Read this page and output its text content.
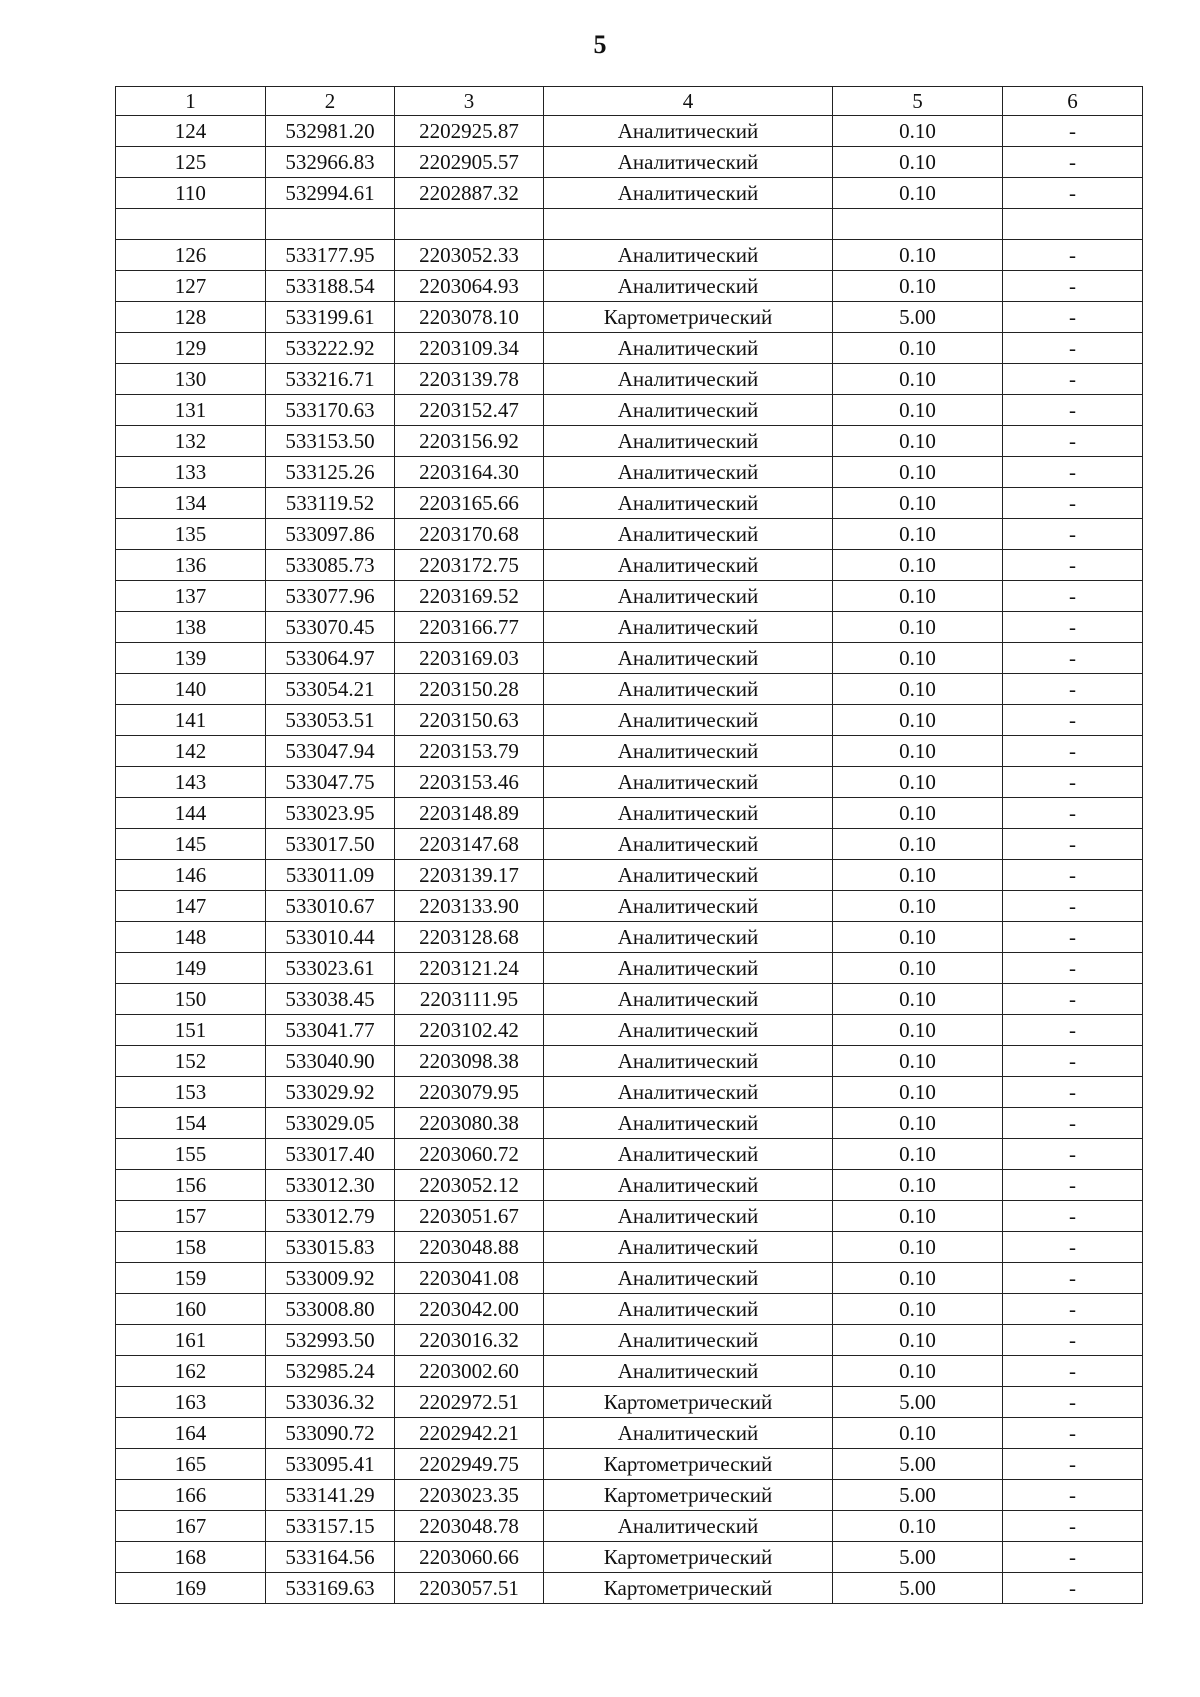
5
1	2	3	4	5	6
124	532981.20	2202925.87	Аналитический	0.10	-
125	532966.83	2202905.57	Аналитический	0.10	-
110	532994.61	2202887.32	Аналитический	0.10	-

126	533177.95	2203052.33	Аналитический	0.10	-
127	533188.54	2203064.93	Аналитический	0.10	-
128	533199.61	2203078.10	Картометрический	5.00	-
129	533222.92	2203109.34	Аналитический	0.10	-
130	533216.71	2203139.78	Аналитический	0.10	-
131	533170.63	2203152.47	Аналитический	0.10	-
132	533153.50	2203156.92	Аналитический	0.10	-
133	533125.26	2203164.30	Аналитический	0.10	-
134	533119.52	2203165.66	Аналитический	0.10	-
135	533097.86	2203170.68	Аналитический	0.10	-
136	533085.73	2203172.75	Аналитический	0.10	-
137	533077.96	2203169.52	Аналитический	0.10	-
138	533070.45	2203166.77	Аналитический	0.10	-
139	533064.97	2203169.03	Аналитический	0.10	-
140	533054.21	2203150.28	Аналитический	0.10	-
141	533053.51	2203150.63	Аналитический	0.10	-
142	533047.94	2203153.79	Аналитический	0.10	-
143	533047.75	2203153.46	Аналитический	0.10	-
144	533023.95	2203148.89	Аналитический	0.10	-
145	533017.50	2203147.68	Аналитический	0.10	-
146	533011.09	2203139.17	Аналитический	0.10	-
147	533010.67	2203133.90	Аналитический	0.10	-
148	533010.44	2203128.68	Аналитический	0.10	-
149	533023.61	2203121.24	Аналитический	0.10	-
150	533038.45	2203111.95	Аналитический	0.10	-
151	533041.77	2203102.42	Аналитический	0.10	-
152	533040.90	2203098.38	Аналитический	0.10	-
153	533029.92	2203079.95	Аналитический	0.10	-
154	533029.05	2203080.38	Аналитический	0.10	-
155	533017.40	2203060.72	Аналитический	0.10	-
156	533012.30	2203052.12	Аналитический	0.10	-
157	533012.79	2203051.67	Аналитический	0.10	-
158	533015.83	2203048.88	Аналитический	0.10	-
159	533009.92	2203041.08	Аналитический	0.10	-
160	533008.80	2203042.00	Аналитический	0.10	-
161	532993.50	2203016.32	Аналитический	0.10	-
162	532985.24	2203002.60	Аналитический	0.10	-
163	533036.32	2202972.51	Картометрический	5.00	-
164	533090.72	2202942.21	Аналитический	0.10	-
165	533095.41	2202949.75	Картометрический	5.00	-
166	533141.29	2203023.35	Картометрический	5.00	-
167	533157.15	2203048.78	Аналитический	0.10	-
168	533164.56	2203060.66	Картометрический	5.00	-
169	533169.63	2203057.51	Картометрический	5.00	-
